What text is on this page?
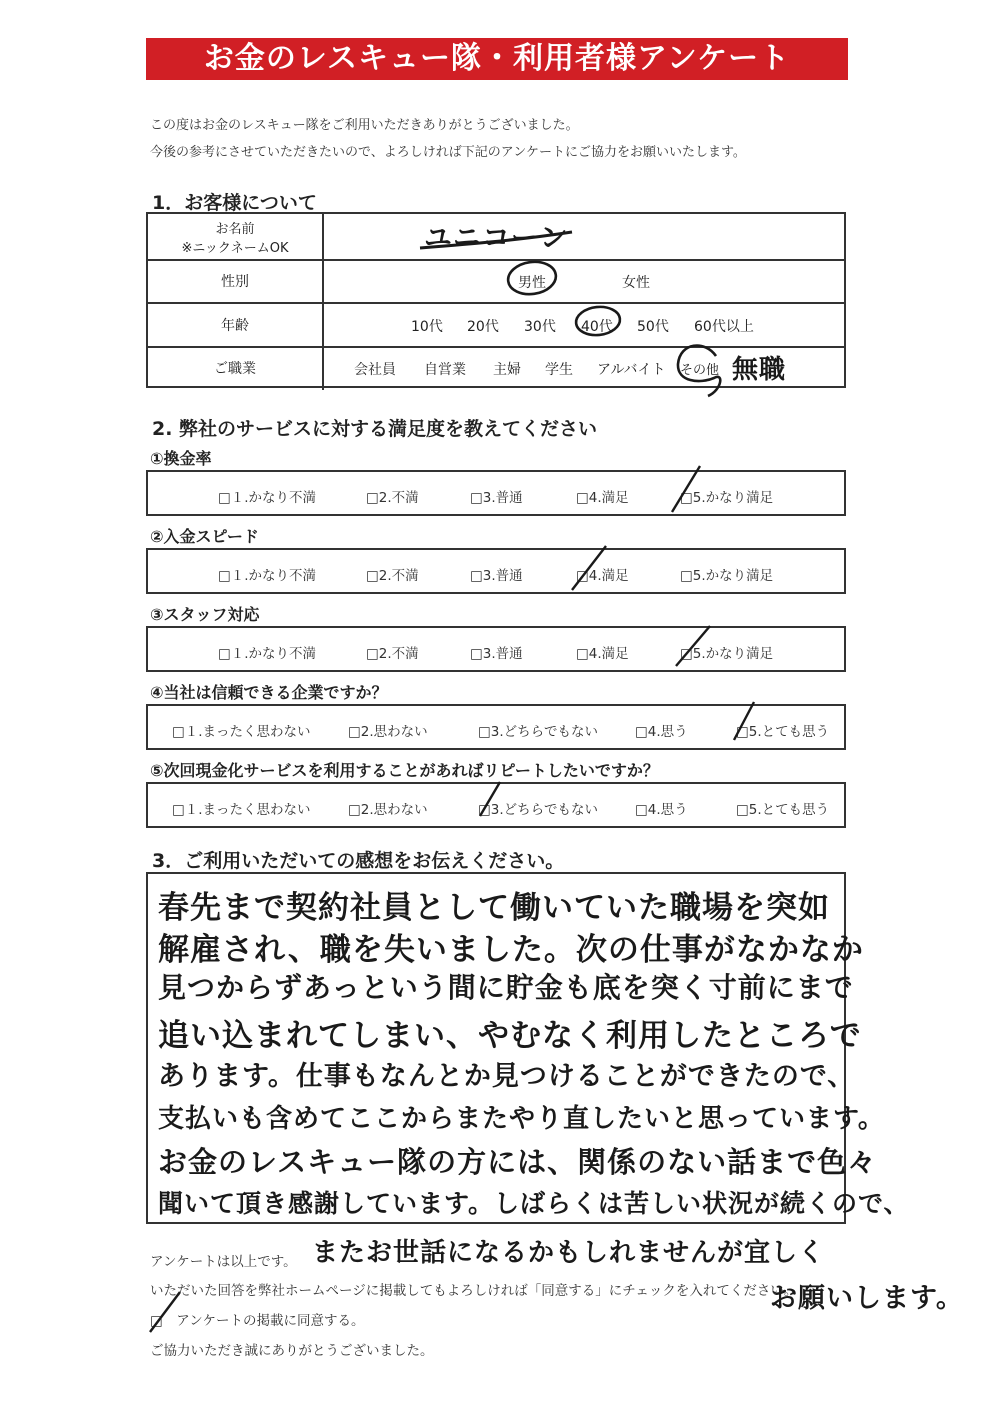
お金のレスキュー隊・利用者様アンケート
この度はお金のレスキュー隊をご利用いただきありがとうございました。
今後の参考にさせていただきたいので、よろしければ下記のアンケートにご協力をお願いいたします。
1．お客様について
お名前
※ニックネームOK	ユニコーン
性別	男性	女性
年齢	10代 20代 30代 40代 50代 60代以上
ご職業	会社員 自営業 主婦 学生 アルバイト その他 無職
2. 弊社のサービスに対する満足度を教えてください
①換金率
□１.かなり不満	□2.不満	□3.普通	□4.満足	□5.かなり満足
②入金スピード
□１.かなり不満	□2.不満	□3.普通	□4.満足	□5.かなり満足
③スタッフ対応
□１.かなり不満	□2.不満	□3.普通	□4.満足	□5.かなり満足
④当社は信頼できる企業ですか？
□１.まったく思わない	□2.思わない	□3.どちらでもない	□4.思う	□5.とても思う
⑤次回現金化サービスを利用することがあればリピートしたいですか？
□１.まったく思わない	□2.思わない	□3.どちらでもない	□4.思う	□5.とても思う
3．ご利用いただいての感想をお伝えください。
春先まで契約社員として働いていた職場を突如
解雇され、職を失いました。次の仕事がなかなか
見つからずあっという間に貯金も底を突く寸前にまで
追い込まれてしまい、やむなく利用したところで
あります。仕事もなんとか見つけることができたので、
支払いも含めてここからまたやり直したいと思っています。
お金のレスキュー隊の方には、関係のない話まで色々
聞いて頂き感謝しています。しばらくは苦しい状況が続くので、
またお世話になるかもしれませんが宜しく
お願いします。
アンケートは以上です。
いただいた回答を弊社ホームページに掲載してもよろしければ「同意する」にチェックを入れてください。
□　アンケートの掲載に同意する。
ご協力いただき誠にありがとうございました。
